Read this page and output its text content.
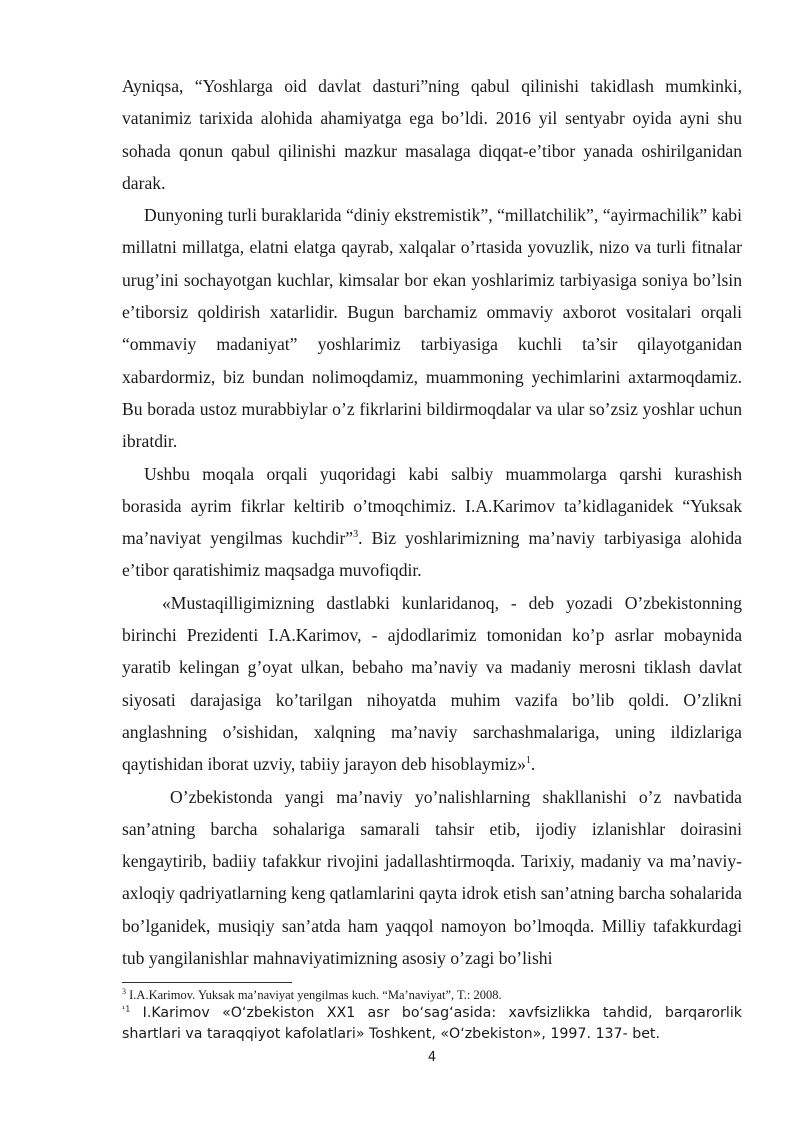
Ayniqsa, “Yoshlarga oid davlat dasturi”ning qabul qilinishi takidlash mumkinki, vatanimiz tarixida alohida ahamiyatga ega bo’ldi. 2016 yil sentyabr oyida ayni shu sohada qonun qabul qilinishi mazkur masalaga diqqat-e’tibor yanada oshirilganidan darak.

Dunyoning turli buraklarida “diniy ekstremistik”, “millatchilik”, “ayirmachilik” kabi millatni millatga, elatni elatga qayrab, xalqalar o’rtasida yovuzlik, nizo va turli fitnalar urug’ini sochayotgan kuchlar, kimsalar bor ekan yoshlarimiz tarbiyasiga soniya bo’lsin e’tiborsiz qoldirish xatarlidir. Bugun barchamiz ommaviy axborot vositalari orqali “ommaviy madaniyat” yoshlarimiz tarbiyasiga kuchli ta’sir qilayotganidan xabardormiz, biz bundan nolimoqdamiz, muammoning yechimlarini axtarmoqdamiz. Bu borada ustoz murabbiylar o’z fikrlarini bildirmoqdalar va ular so’zsiz yoshlar uchun ibratdir.

Ushbu moqala orqali yuqoridagi kabi salbiy muammolarga qarshi kurashish borasida ayrim fikrlar keltirib o’tmoqchimiz. I.A.Karimov ta’kidlaganidek “Yuksak ma’naviyat yengilmas kuchdir”$^3$. Biz yoshlarimizning ma’naviy tarbiyasiga alohida e’tibor qaratishimiz maqsadga muvofiqdir.

«Mustaqilligimizning dastlabki kunlaridanoq, - deb yozadi O’zbekistonning birinchi Prezidenti I.A.Karimov, - ajdodlarimiz tomonidan ko’p asrlar mobaynida yaratib kelingan g’oyat ulkan, bebaho ma’naviy va madaniy merosni tiklash davlat siyosati darajasiga ko’tarilgan nihoyatda muhim vazifa bo’lib qoldi. O’zlikni anglashning o’sishidan, xalqning ma’naviy sarchashmalariga, uning ildizlariga qaytishidan iborat uzviy, tabiiy jarayon deb hisoblaymiz»$^1$.

O’zbekistonda yangi ma’naviy yo’nalishlarning shakllanishi o’z navbatida san’atning barcha sohalariga samarali tahsir etib, ijodiy izlanishlar doirasini kengaytirib, badiiy tafakkur rivojini jadallashtirmoqda. Tarixiy, madaniy va ma’naviy-axloqiy qadriyatlarning keng qatlamlarini qayta idrok etish san’atning barcha sohalarida bo’lganidek, musiqiy san’atda ham yaqqol namoyon bo’lmoqda. Milliy tafakkurdagi tub yangilanishlar mahnaviyatimizning asosiy o’zagi bo’lishi

$^3$ I.A.Karimov. Yuksak ma’naviyat yengilmas kuch. “Ma’naviyat”, T.: 2008.
$^{^11}$ I.Karimov «O‘zbekiston XX1 asr bo‘sag‘asida: xavfsizlikka tahdid, barqarorlik shartlari va taraqqiyot kafolatlari» Toshkent, «O‘zbekiston», 1997. 137- bet.
4
